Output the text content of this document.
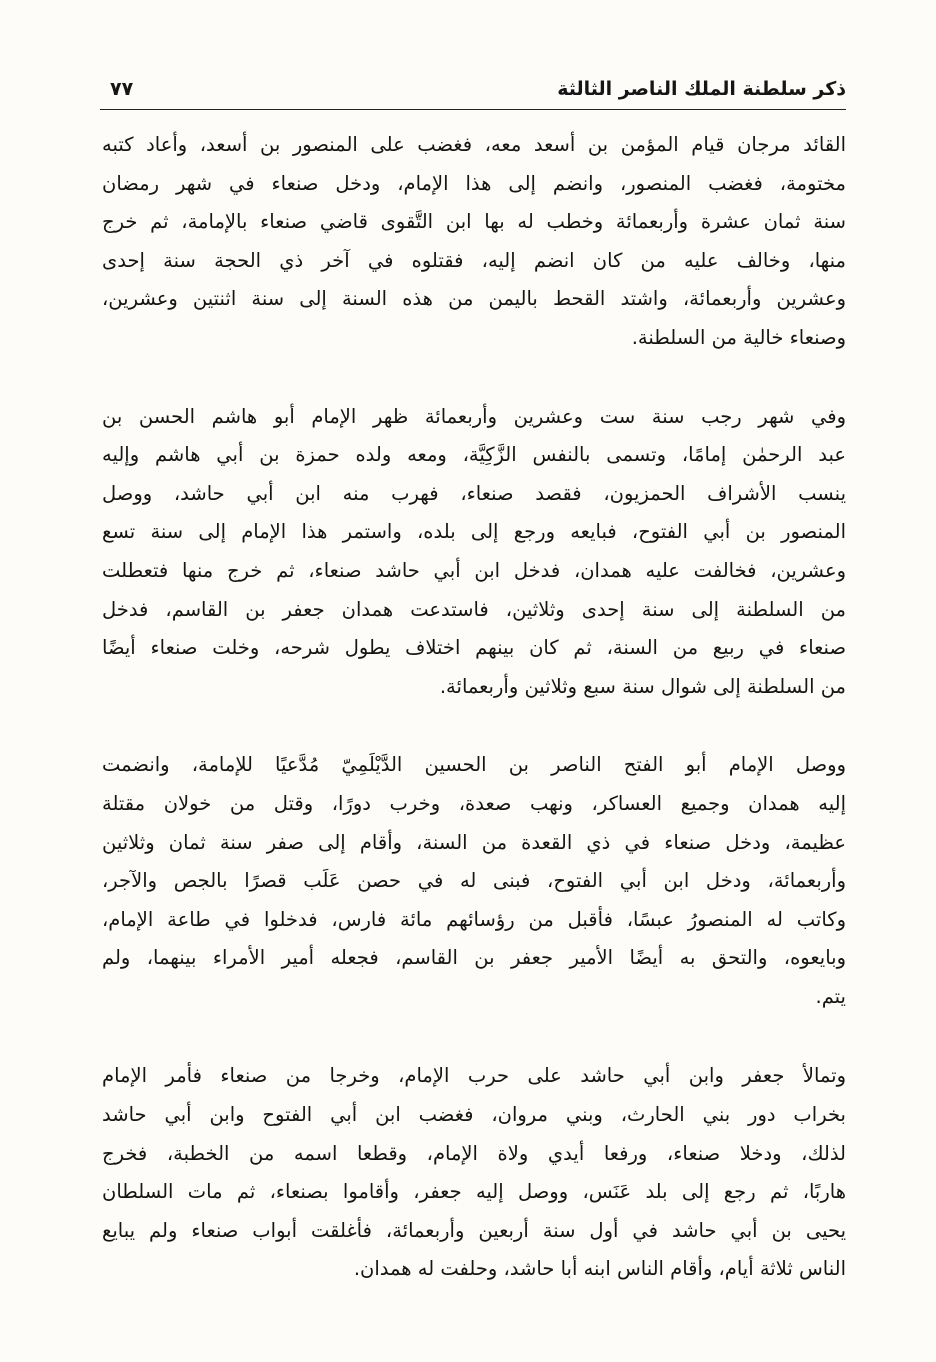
ذكر سلطنة الملك الناصر الثالثة
٧٧
القائد مرجان قيام المؤمن بن أسعد معه، فغضب على المنصور بن أسعد، وأعاد كتبه
مختومة، فغضب المنصور، وانضم إلى هذا الإمام، ودخل صنعاء في شهر رمضان
سنة ثمان عشرة وأربعمائة وخطب له بها ابن التَّقوى قاضي صنعاء بالإمامة، ثم خرج
منها، وخالف عليه من كان انضم إليه، فقتلوه في آخر ذي الحجة سنة إحدى
وعشرين وأربعمائة، واشتد القحط باليمن من هذه السنة إلى سنة اثنتين وعشرين،
وصنعاء خالية من السلطنة.
وفي شهر رجب سنة ست وعشرين وأربعمائة ظهر الإمام أبو هاشم الحسن بن
عبد الرحمٰن إمامًا، وتسمى بالنفس الزَّكِيَّة، ومعه ولده حمزة بن أبي هاشم وإليه
ينسب الأشراف الحمزيون، فقصد صنعاء، فهرب منه ابن أبي حاشد، ووصل
المنصور بن أبي الفتوح، فبايعه ورجع إلى بلده، واستمر هذا الإمام إلى سنة تسع
وعشرين، فخالفت عليه همدان، فدخل ابن أبي حاشد صنعاء، ثم خرج منها فتعطلت
من السلطنة إلى سنة إحدى وثلاثين، فاستدعت همدان جعفر بن القاسم، فدخل
صنعاء في ربيع من السنة، ثم كان بينهم اختلاف يطول شرحه، وخلت صنعاء أيضًا
من السلطنة إلى شوال سنة سبع وثلاثين وأربعمائة.
ووصل الإمام أبو الفتح الناصر بن الحسين الدَّيْلَمِيّ مُدَّعيًا للإمامة، وانضمت
إليه همدان وجميع العساكر، ونهب صعدة، وخرب دورًا، وقتل من خولان مقتلة
عظيمة، ودخل صنعاء في ذي القعدة من السنة، وأقام إلى صفر سنة ثمان وثلاثين
وأربعمائة، ودخل ابن أبي الفتوح، فبنى له في حصن عَلَب قصرًا بالجص والآجر،
وكاتب له المنصورُ عبسًا، فأقبل من رؤسائهم مائة فارس، فدخلوا في طاعة الإمام،
وبايعوه، والتحق به أيضًا الأمير جعفر بن القاسم، فجعله أمير الأمراء بينهما، ولم
يتم.
وتمالأ جعفر وابن أبي حاشد على حرب الإمام، وخرجا من صنعاء فأمر الإمام
بخراب دور بني الحارث، وبني مروان، فغضب ابن أبي الفتوح وابن أبي حاشد
لذلك، ودخلا صنعاء، ورفعا أيدي ولاة الإمام، وقطعا اسمه من الخطبة، فخرج
هاربًا، ثم رجع إلى بلد عَنَس، ووصل إليه جعفر، وأقاموا بصنعاء، ثم مات السلطان
يحيى بن أبي حاشد في أول سنة أربعين وأربعمائة، فأغلقت أبواب صنعاء ولم يبايع
الناس ثلاثة أيام، وأقام الناس ابنه أبا حاشد، وحلفت له همدان.
